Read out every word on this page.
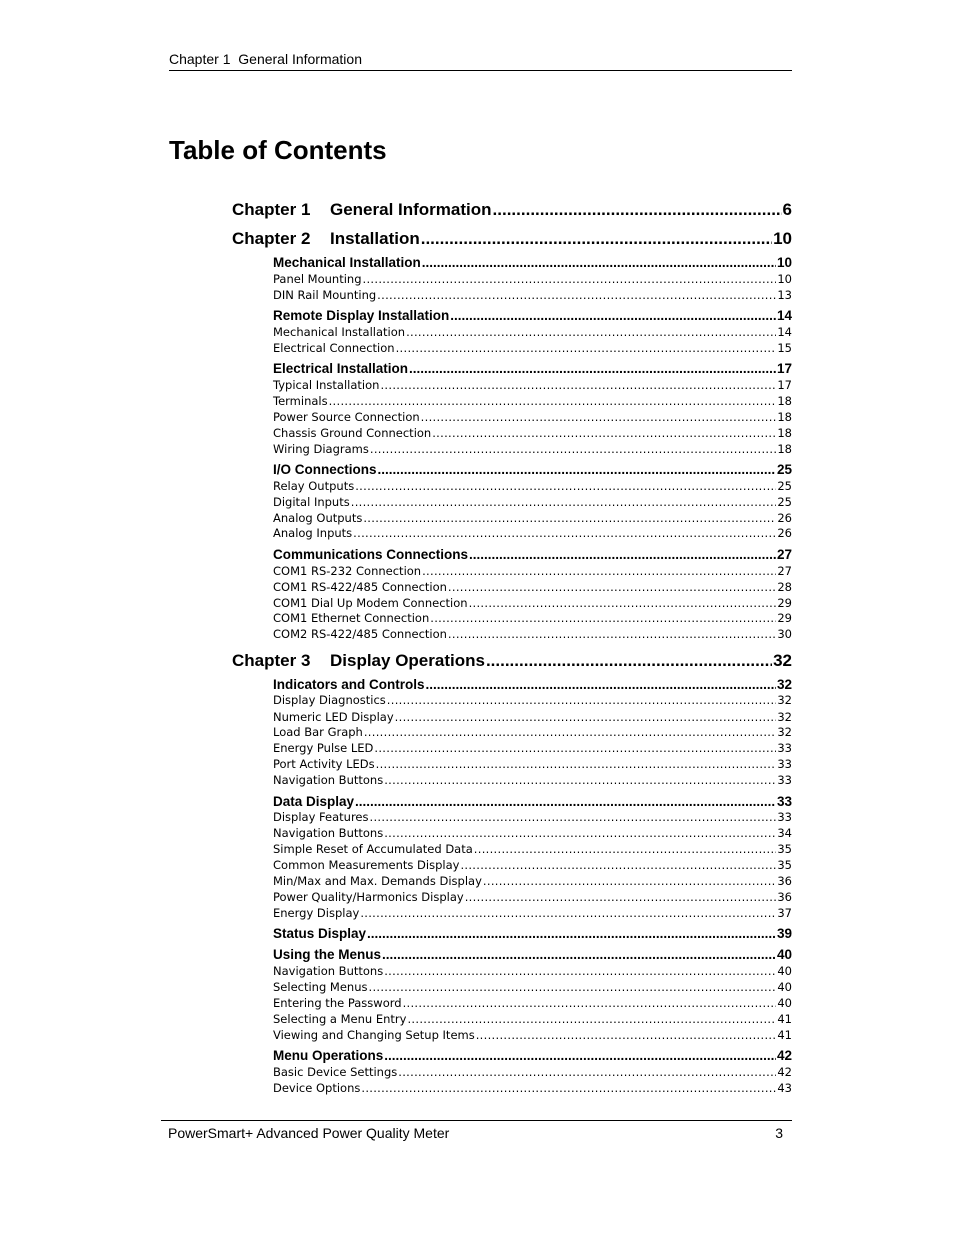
Chapter 1  General Information
Table of Contents
Chapter 1 General Information .....	6
Chapter 2 Installation .....	10
Mechanical Installation .....	10
Panel Mounting .....	10
DIN Rail Mounting .....	13
Remote Display Installation .....	14
Mechanical Installation .....	14
Electrical Connection .....	15
Electrical Installation .....	17
Typical Installation .....	17
Terminals .....	18
Power Source Connection .....	18
Chassis Ground Connection .....	18
Wiring Diagrams .....	18
I/O Connections .....	25
Relay Outputs .....	25
Digital Inputs .....	25
Analog Outputs .....	26
Analog Inputs .....	26
Communications Connections .....	27
COM1 RS-232 Connection .....	27
COM1 RS-422/485 Connection .....	28
COM1 Dial Up Modem Connection .....	29
COM1 Ethernet Connection .....	29
COM2 RS-422/485 Connection .....	30
Chapter 3 Display Operations .....	32
Indicators and Controls .....	32
Display Diagnostics .....	32
Numeric LED Display .....	32
Load Bar Graph .....	32
Energy Pulse LED .....	33
Port Activity LEDs .....	33
Navigation Buttons .....	33
Data Display .....	33
Display Features .....	33
Navigation Buttons .....	34
Simple Reset of Accumulated Data .....	35
Common Measurements Display .....	35
Min/Max and Max. Demands Display .....	36
Power Quality/Harmonics Display .....	36
Energy Display .....	37
Status Display .....	39
Using the Menus .....	40
Navigation Buttons .....	40
Selecting Menus .....	40
Entering the Password .....	40
Selecting a Menu Entry .....	41
Viewing and Changing Setup Items .....	41
Menu Operations .....	42
Basic Device Settings .....	42
Device Options .....	43
PowerSmart+ Advanced Power Quality Meter	3
